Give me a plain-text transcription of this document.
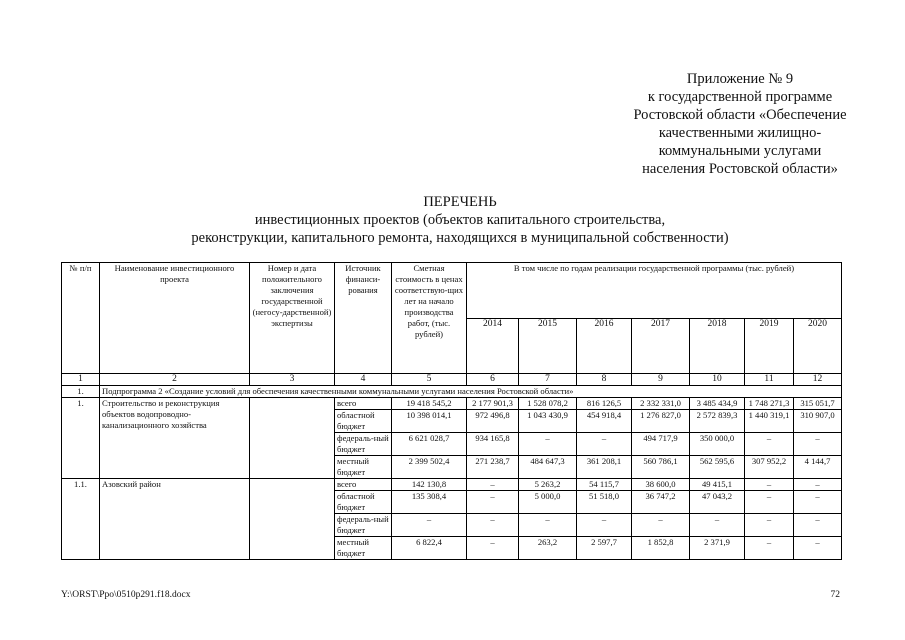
Приложение № 9
к государственной программе
Ростовской области «Обеспечение
качественными жилищно-
коммунальными услугами
населения Ростовской области»
ПЕРЕЧЕНЬ
инвестиционных проектов (объектов капитального строительства,
реконструкции, капитального ремонта, находящихся в муниципальной собственности)
№ п/п	Наименование инвестиционного проекта	Номер и дата положительного заключения государственной (негосу-дарственной) экспертизы	Источник финанси-рования	Сметная стоимость в ценах соответствую-щих лет на начало производства работ, (тыс. рублей)	В том числе по годам реализации государственной программы (тыс. рублей)						
					2014	2015	2016	2017	2018	2019	2020
1	2	3	4	5	6	7	8	9	10	11	12
1.	Подпрограмма 2 «Создание условий для обеспечения качественными коммунальными услугами населения Ростовской области»										
1.	Строительство и реконструкция объектов водопроводно-канализационного хозяйства		всего	19 418 545,2	2 177 901,3	1 528 078,2	816 126,5	2 332 331,0	3 485 434,9	1 748 271,3	315 051,7
			областной бюджет	10 398 014,1	972 496,8	1 043 430,9	454 918,4	1 276 827,0	2 572 839,3	1 440 319,1	310 907,0
			федераль-ный бюджет	6 621 028,7	934 165,8	–	–	494 717,9	350 000,0	–	–
			местный бюджет	2 399 502,4	271 238,7	484 647,3	361 208,1	560 786,1	562 595,6	307 952,2	4 144,7
1.1.	Азовский район		всего	142 130,8	–	5 263,2	54 115,7	38 600,0	49 415,1	–	–
			областной бюджет	135 308,4	–	5 000,0	51 518,0	36 747,2	47 043,2	–	–
			федераль-ный бюджет	–	–	–	–	–	–	–	–
			местный бюджет	6 822,4	–	263,2	2 597,7	1 852,8	2 371,9	–	–
Y:\ORST\Ppo\0510p291.f18.docx	72
